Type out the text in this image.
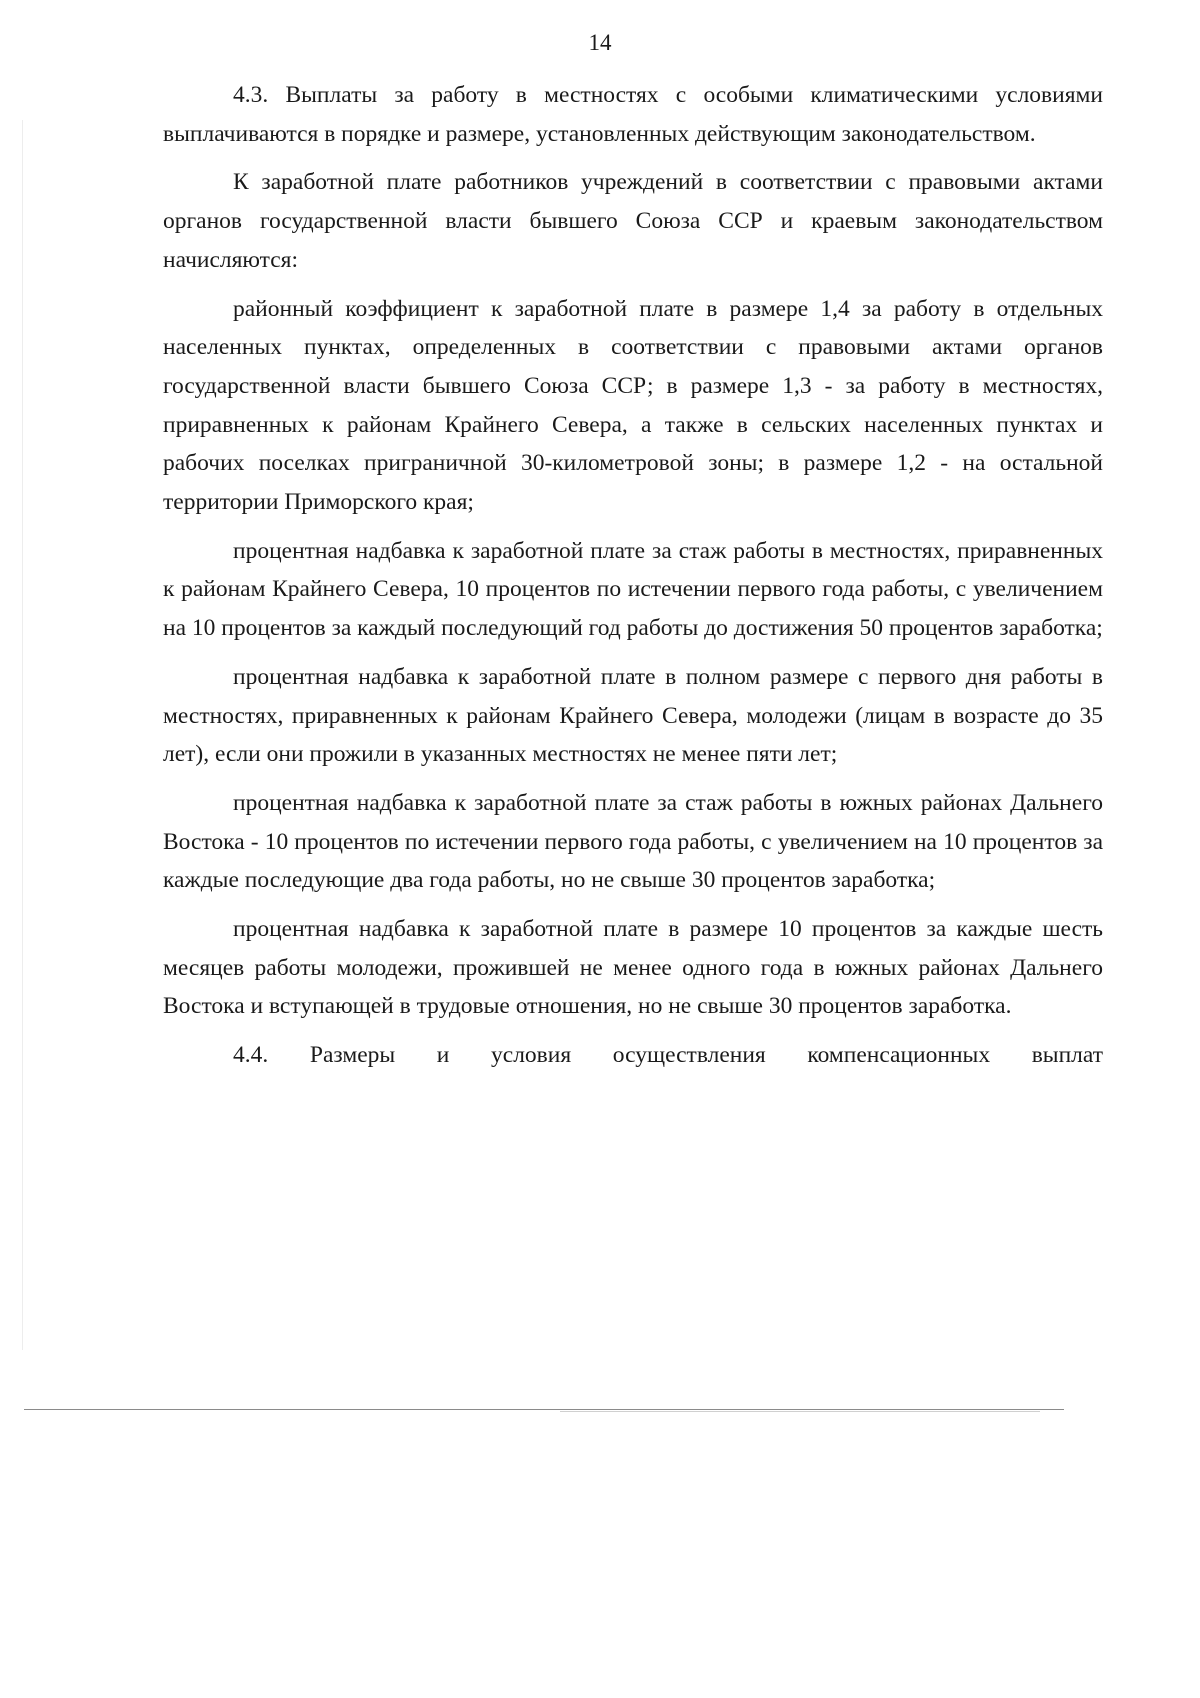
14

4.3. Выплаты за работу в местностях с особыми климатическими условиями выплачиваются в порядке и размере, установленных действующим законодательством.

К заработной плате работников учреждений в соответствии с правовыми актами органов государственной власти бывшего Союза ССР и краевым законодательством начисляются:

районный коэффициент к заработной плате в размере 1,4 за работу в отдельных населенных пунктах, определенных в соответствии с правовыми актами органов государственной власти бывшего Союза ССР; в размере 1,3 - за работу в местностях, приравненных к районам Крайнего Севера, а также в сельских населенных пунктах и рабочих поселках приграничной 30-километровой зоны; в размере 1,2 - на остальной территории Приморского края;

процентная надбавка к заработной плате за стаж работы в местностях, приравненных к районам Крайнего Севера, 10 процентов по истечении первого года работы, с увеличением на 10 процентов за каждый последующий год работы до достижения 50 процентов заработка;

процентная надбавка к заработной плате в полном размере с первого дня работы в местностях, приравненных к районам Крайнего Севера, молодежи (лицам в возрасте до 35 лет), если они прожили в указанных местностях не менее пяти лет;

процентная надбавка к заработной плате за стаж работы в южных районах Дальнего Востока - 10 процентов по истечении первого года работы, с увеличением на 10 процентов за каждые последующие два года работы, но не свыше 30 процентов заработка;

процентная надбавка к заработной плате в размере 10 процентов за каждые шесть месяцев работы молодежи, прожившей не менее одного года в южных районах Дальнего Востока и вступающей в трудовые отношения, но не свыше 30 процентов заработка.

4.4. Размеры и условия осуществления компенсационных выплат
